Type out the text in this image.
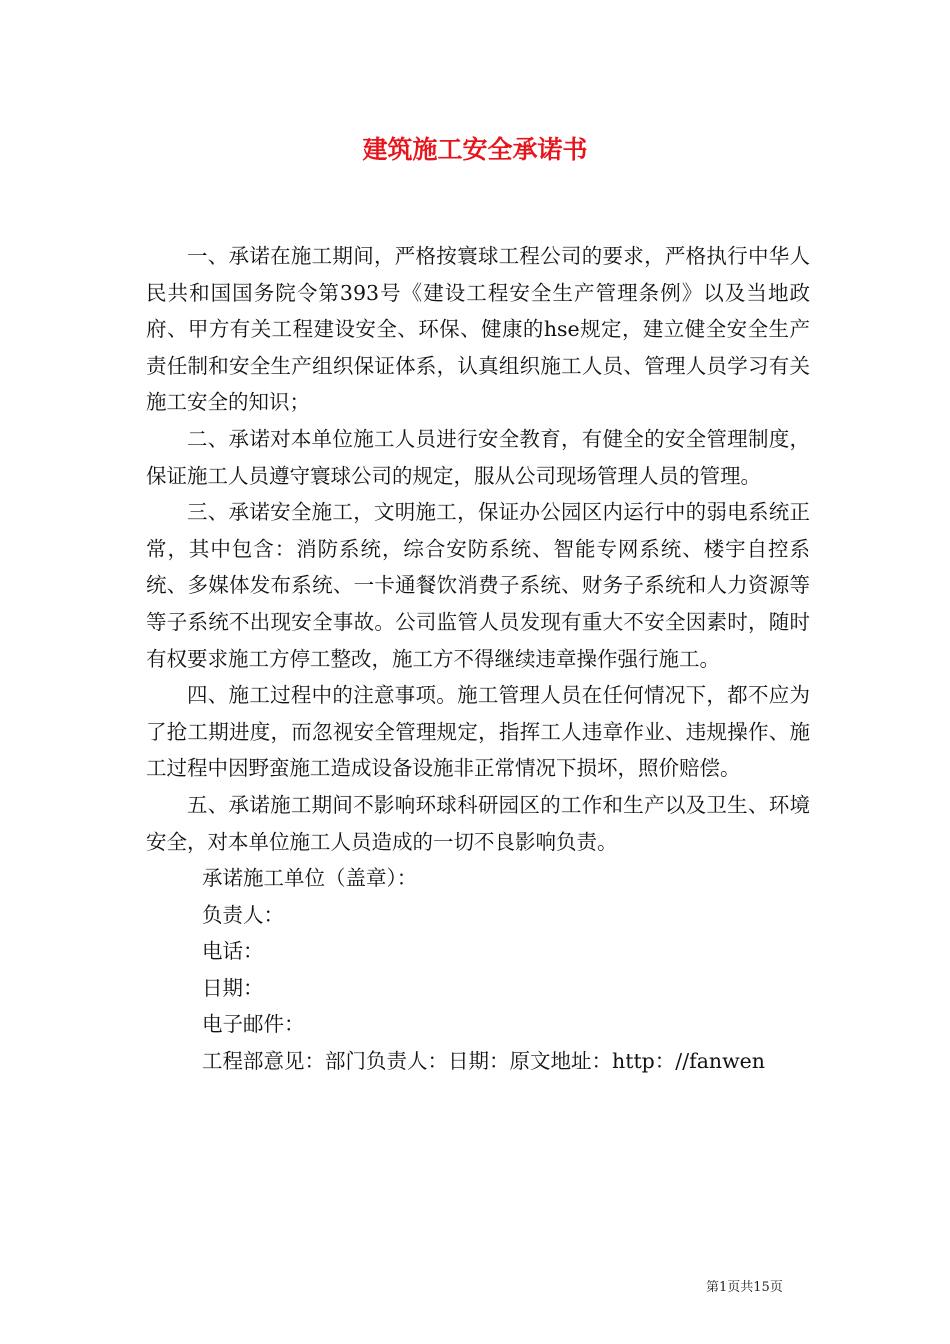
建筑施工安全承诺书

一、承诺在施工期间，严格按寰球工程公司的要求，严格执行中华人民共和国国务院令第393号《建设工程安全生产管理条例》以及当地政府、甲方有关工程建设安全、环保、健康的hse规定，建立健全安全生产责任制和安全生产组织保证体系，认真组织施工人员、管理人员学习有关施工安全的知识；

二、承诺对本单位施工人员进行安全教育，有健全的安全管理制度，保证施工人员遵守寰球公司的规定，服从公司现场管理人员的管理。

三、承诺安全施工，文明施工，保证办公园区内运行中的弱电系统正常，其中包含：消防系统，综合安防系统、智能专网系统、楼宇自控系统、多媒体发布系统、一卡通餐饮消费子系统、财务子系统和人力资源等等子系统不出现安全事故。公司监管人员发现有重大不安全因素时，随时有权要求施工方停工整改，施工方不得继续违章操作强行施工。

四、施工过程中的注意事项。施工管理人员在任何情况下，都不应为了抢工期进度，而忽视安全管理规定，指挥工人违章作业、违规操作、施工过程中因野蛮施工造成设备设施非正常情况下损坏，照价赔偿。

五、承诺施工期间不影响环球科研园区的工作和生产以及卫生、环境安全，对本单位施工人员造成的一切不良影响负责。

承诺施工单位（盖章）：

负责人：

电话：

日期：

电子邮件：

工程部意见：部门负责人：日期：原文地址：http：//fanwen

第1页共15页
